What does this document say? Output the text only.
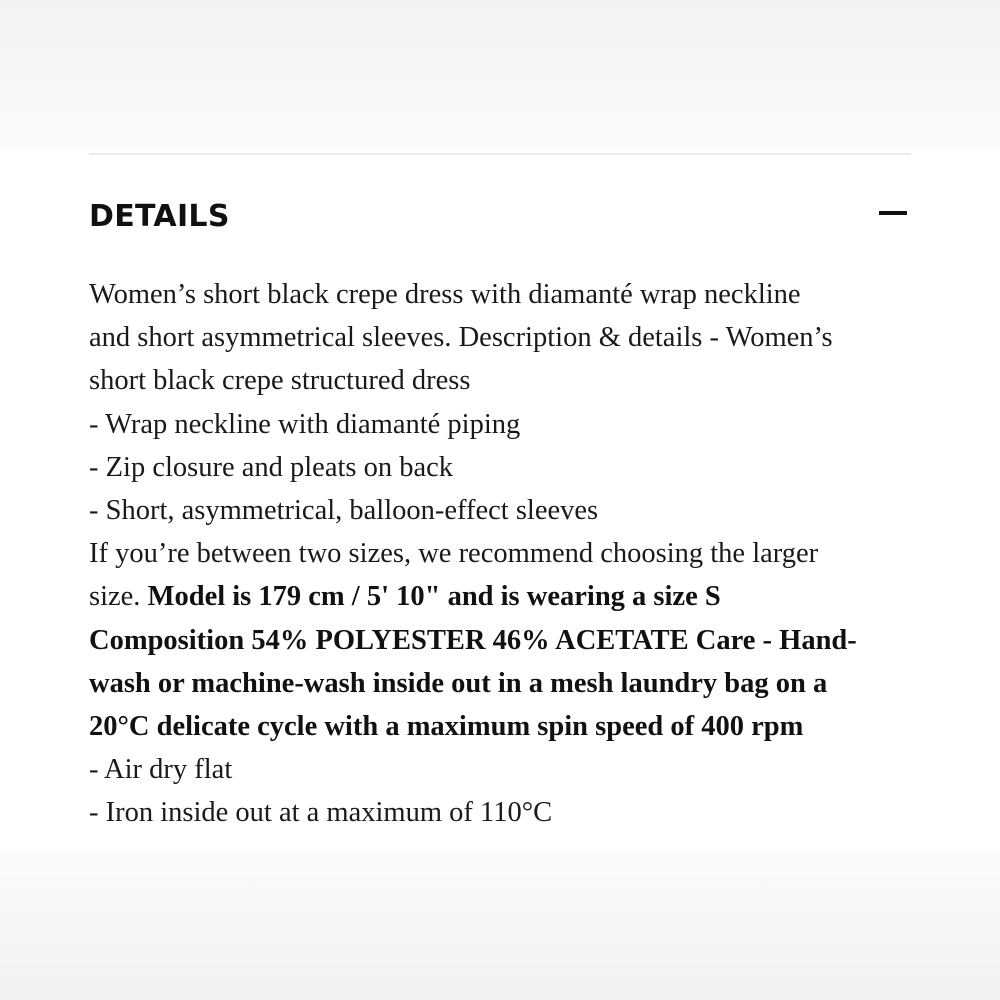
DETAILS
Women’s short black crepe dress with diamanté wrap neckline
and short asymmetrical sleeves. Description & details - Women’s
short black crepe structured dress
- Wrap neckline with diamanté piping
- Zip closure and pleats on back
- Short, asymmetrical, balloon-effect sleeves
If you’re between two sizes, we recommend choosing the larger
size. Model is 179 cm / 5' 10" and is wearing a size S
Composition 54% POLYESTER 46% ACETATE Care - Hand-
wash or machine-wash inside out in a mesh laundry bag on a
20°C delicate cycle with a maximum spin speed of 400 rpm
- Air dry flat
- Iron inside out at a maximum of 110°C
